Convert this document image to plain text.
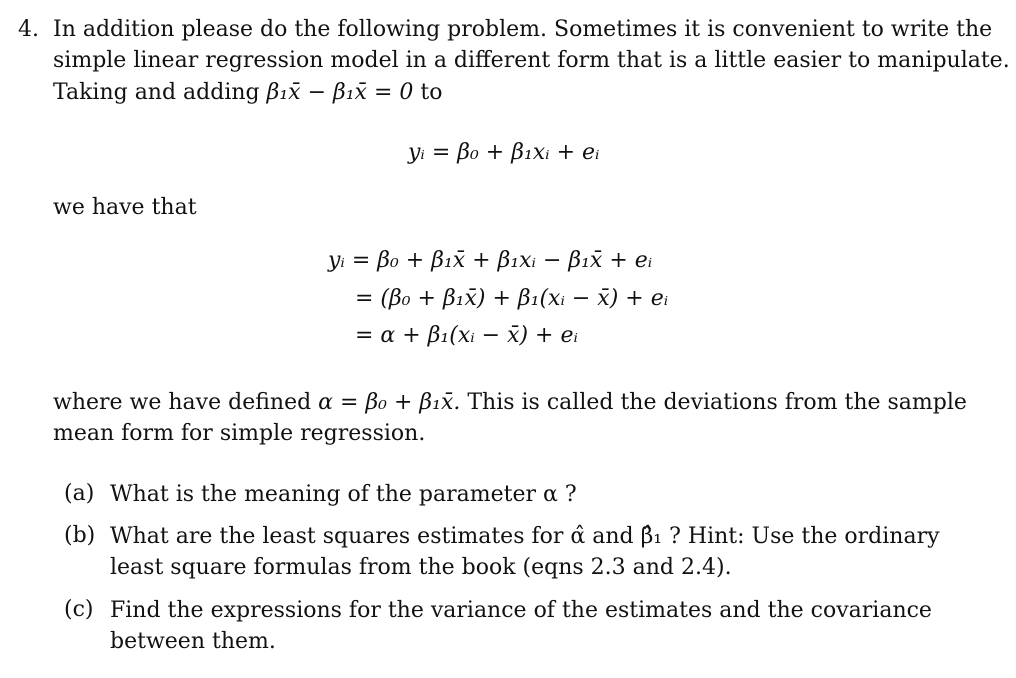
4. In addition please do the following problem. Sometimes it is convenient to write the
simple linear regression model in a different form that is a little easier to manipulate.
Taking and adding β₁x̄ − β₁x̄ = 0 to
yᵢ = β₀ + β₁xᵢ + eᵢ
we have that
yᵢ = β₀ + β₁x̄ + β₁xᵢ − β₁x̄ + eᵢ
= (β₀ + β₁x̄) + β₁(xᵢ − x̄) + eᵢ
= α + β₁(xᵢ − x̄) + eᵢ
where we have defined α = β₀ + β₁x̄. This is called the deviations from the sample
mean form for simple regression.
(a) What is the meaning of the parameter α ?
(b) What are the least squares estimates for α̂ and β̂₁ ? Hint: Use the ordinary
least square formulas from the book (eqns 2.3 and 2.4).
(c) Find the expressions for the variance of the estimates and the covariance
between them.
